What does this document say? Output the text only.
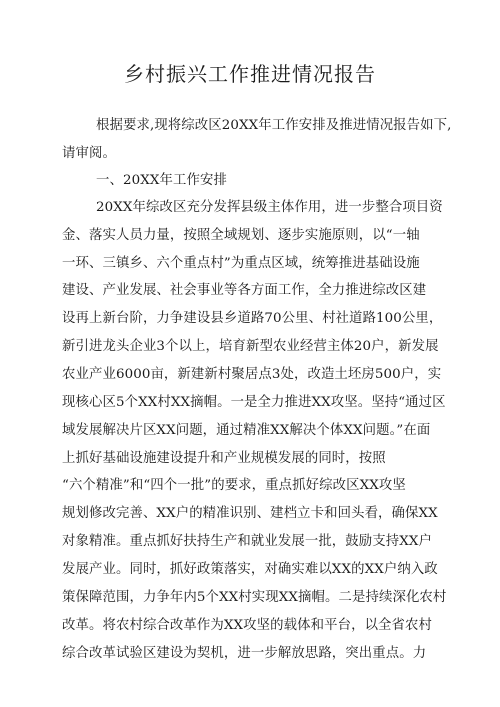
乡村振兴工作推进情况报告
根据要求,现将综改区20XX年工作安排及推进情况报告如下,
请审阅。
一、20XX年工作安排
20XX年综改区充分发挥县级主体作用，进一步整合项目资
金、落实人员力量，按照全域规划、逐步实施原则，以“一轴
一环、三镇乡、六个重点村”为重点区域，统筹推进基础设施
建设、产业发展、社会事业等各方面工作，全力推进综改区建
设再上新台阶，力争建设县乡道路70公里、村社道路100公里，
新引进龙头企业3个以上，培育新型农业经营主体20户，新发展
农业产业6000亩，新建新村聚居点3处，改造土坯房500户，实
现核心区5个XX村XX摘帽。一是全力推进XX攻坚。坚持“通过区
域发展解决片区XX问题，通过精准XX解决个体XX问题。”在面
上抓好基础设施建设提升和产业规模发展的同时，按照
“六个精准”和“四个一批”的要求，重点抓好综改区XX攻坚
规划修改完善、XX户的精准识别、建档立卡和回头看，确保XX
对象精准。重点抓好扶持生产和就业发展一批，鼓励支持XX户
发展产业。同时，抓好政策落实，对确实难以XX的XX户纳入政
策保障范围，力争年内5个XX村实现XX摘帽。二是持续深化农村
改革。将农村综合改革作为XX攻坚的载体和平台，以全省农村
综合改革试验区建设为契机，进一步解放思路，突出重点。力
